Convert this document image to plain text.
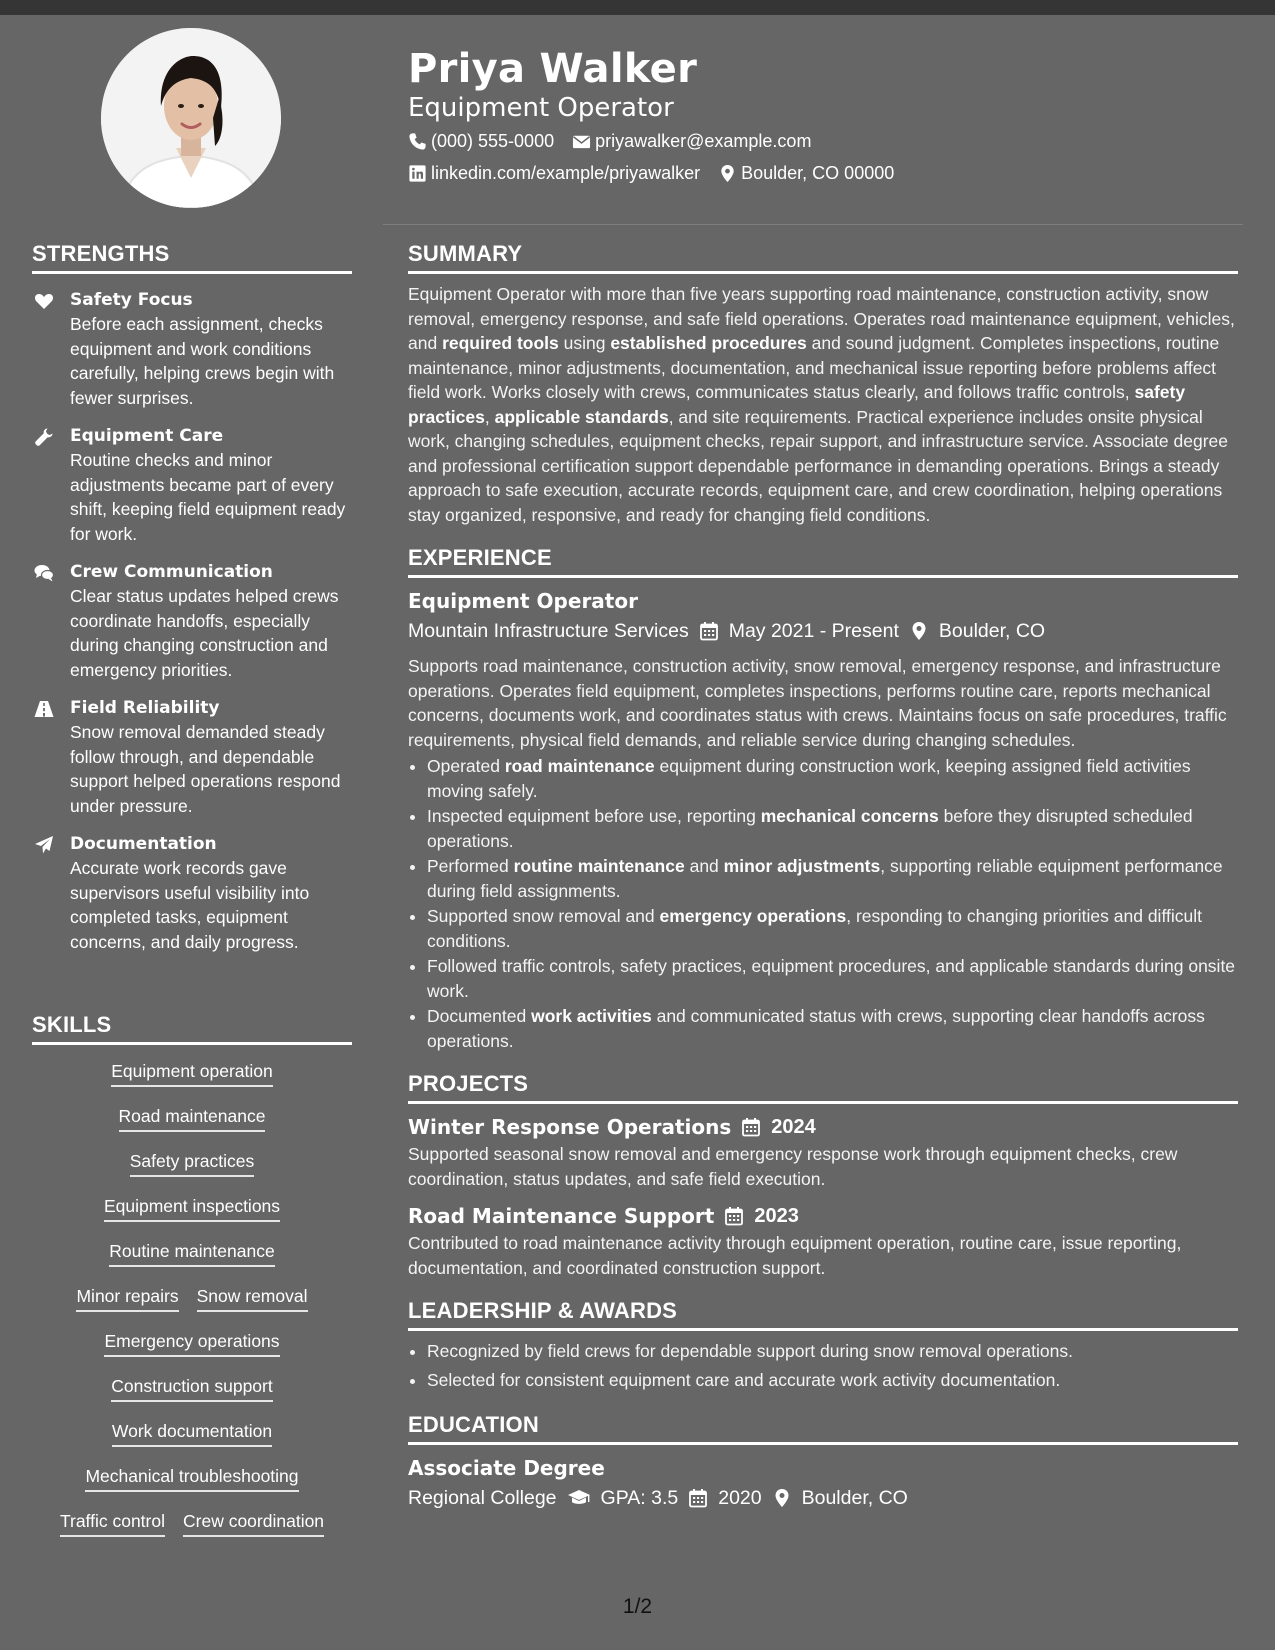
STRENGTHS
Safety Focus
Before each assignment, checks equipment and work conditions carefully, helping crews begin with fewer surprises.
Equipment Care
Routine checks and minor adjustments became part of every shift, keeping field equipment ready for work.
Crew Communication
Clear status updates helped crews coordinate handoffs, especially during changing construction and emergency priorities.
Field Reliability
Snow removal demanded steady follow through, and dependable support helped operations respond under pressure.
Documentation
Accurate work records gave supervisors useful visibility into completed tasks, equipment concerns, and daily progress.
SKILLS
Equipment operation
Road maintenance
Safety practices
Equipment inspections
Routine maintenance
Minor repairs Snow removal
Emergency operations
Construction support
Work documentation
Mechanical troubleshooting
Traffic control Crew coordination
Priya Walker
Equipment Operator
(000) 555-0000 priyawalker@example.com
linkedin.com/example/priyawalker Boulder, CO 00000
SUMMARY
Equipment Operator with more than five years supporting road maintenance, construction activity, snow removal, emergency response, and safe field operations. Operates road maintenance equipment, vehicles, and required tools using established procedures and sound judgment. Completes inspections, routine maintenance, minor adjustments, documentation, and mechanical issue reporting before problems affect field work. Works closely with crews, communicates status clearly, and follows traffic controls, safety practices, applicable standards, and site requirements. Practical experience includes onsite physical work, changing schedules, equipment checks, repair support, and infrastructure service. Associate degree and professional certification support dependable performance in demanding operations. Brings a steady approach to safe execution, accurate records, equipment care, and crew coordination, helping operations stay organized, responsive, and ready for changing field conditions.
EXPERIENCE
Equipment Operator
Mountain Infrastructure Services May 2021 - Present Boulder, CO
Supports road maintenance, construction activity, snow removal, emergency response, and infrastructure operations. Operates field equipment, completes inspections, performs routine care, reports mechanical concerns, documents work, and coordinates status with crews. Maintains focus on safe procedures, traffic requirements, physical field demands, and reliable service during changing schedules.
• Operated road maintenance equipment during construction work, keeping assigned field activities moving safely.
• Inspected equipment before use, reporting mechanical concerns before they disrupted scheduled operations.
• Performed routine maintenance and minor adjustments, supporting reliable equipment performance during field assignments.
• Supported snow removal and emergency operations, responding to changing priorities and difficult conditions.
• Followed traffic controls, safety practices, equipment procedures, and applicable standards during onsite work.
• Documented work activities and communicated status with crews, supporting clear handoffs across operations.
PROJECTS
Winter Response Operations 2024
Supported seasonal snow removal and emergency response work through equipment checks, crew coordination, status updates, and safe field execution.
Road Maintenance Support 2023
Contributed to road maintenance activity through equipment operation, routine care, issue reporting, documentation, and coordinated construction support.
LEADERSHIP & AWARDS
• Recognized by field crews for dependable support during snow removal operations.
• Selected for consistent equipment care and accurate work activity documentation.
EDUCATION
Associate Degree
Regional College GPA: 3.5 2020 Boulder, CO
1/2
